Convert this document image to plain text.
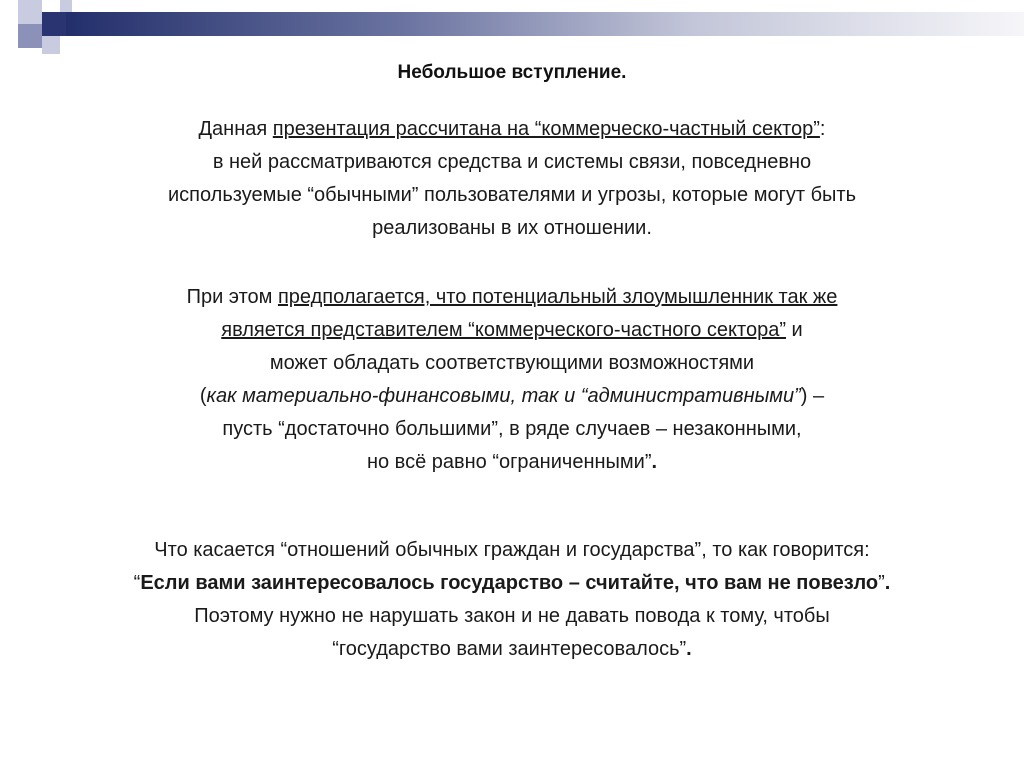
Небольшое вступление.
Данная презентация рассчитана на “коммерческо-частный сектор”:
в ней рассматриваются средства и системы связи, повседневно
используемые “обычными” пользователями и угрозы, которые могут быть
реализованы в их отношении.
При этом предполагается, что потенциальный злоумышленник так же
является представителем “коммерческого-частного сектора” и
может обладать соответствующими возможностями
(как материально-финансовыми, так и “административными”) –
пусть “достаточно большими”, в ряде случаев – незаконными,
но всё равно “ограниченными”.
Что касается “отношений обычных граждан и государства”, то как говорится:
“Если вами заинтересовалось государство – считайте, что вам не повезло”.
Поэтому нужно не нарушать закон и не давать повода к тому, чтобы
“государство вами заинтересовалось”.
